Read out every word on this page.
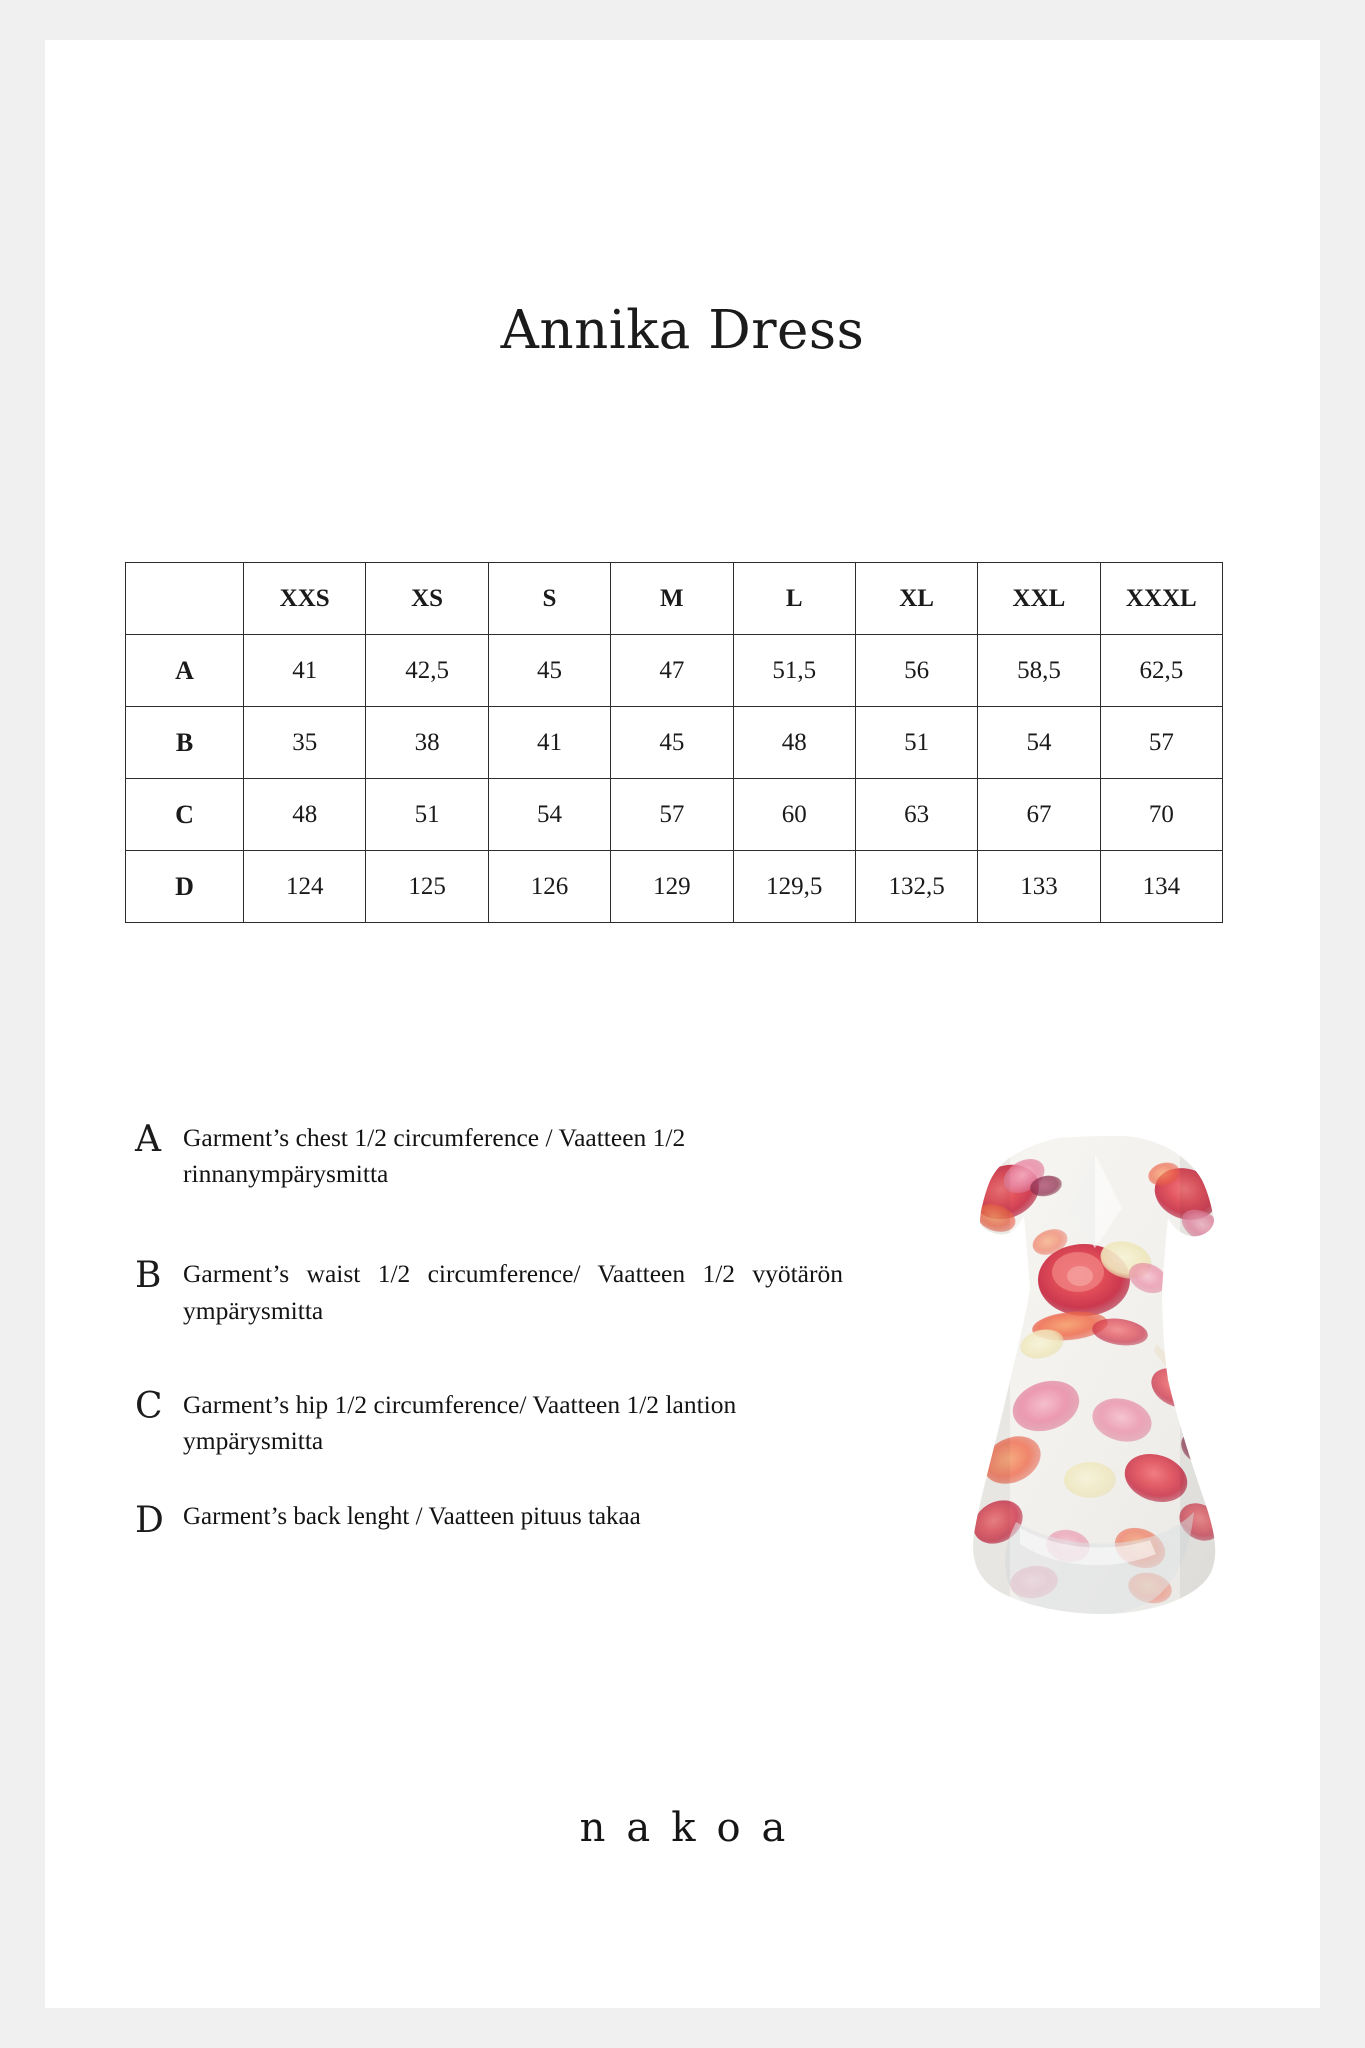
Annika Dress
	XXS	XS	S	M	L	XL	XXL	XXXL
A	41	42,5	45	47	51,5	56	58,5	62,5
B	35	38	41	45	48	51	54	57
C	48	51	54	57	60	63	67	70
D	124	125	126	129	129,5	132,5	133	134
A Garment’s chest 1/2 circumference / Vaatteen 1/2 rinnanympärysmitta
B Garment’s waist 1/2 circumference/ Vaatteen 1/2 vyötärön ympärysmitta
C Garment’s hip 1/2 circumference/ Vaatteen 1/2 lantion ympärysmitta
D Garment’s back lenght / Vaatteen pituus takaa
nakoa
